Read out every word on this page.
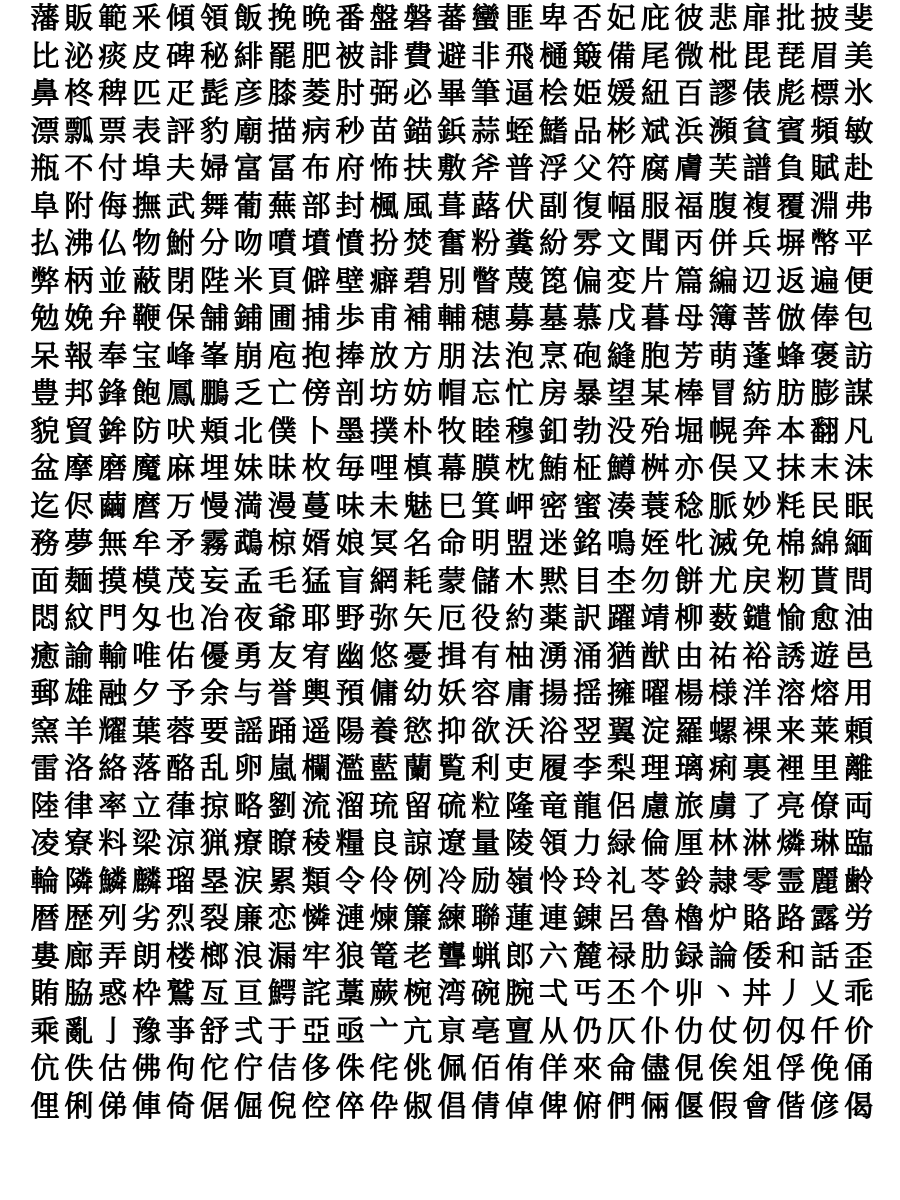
藩 販 範 釆 傾 領 飯 挽 晩 番 盤 磐 蕃 蠻 匪 卑 否 妃 庇 彼 悲 扉 批 披 斐
比 泌 痰 皮 碑 秘 緋 罷 肥 被 誹 費 避 非 飛 樋 簸 備 尾 微 枇 毘 琵 眉 美
鼻 柊 稗 匹 疋 髭 彦 膝 菱 肘 弼 必 畢 筆 逼 桧 姫 媛 紐 百 謬 俵 彪 標 氷
漂 瓢 票 表 評 豹 廟 描 病 秒 苗 錨 鋲 蒜 蛭 鰭 品 彬 斌 浜 瀕 貧 賓 頻 敏
瓶 不 付 埠 夫 婦 富 冨 布 府 怖 扶 敷 斧 普 浮 父 符 腐 膚 芙 譜 負 賦 赴
阜 附 侮 撫 武 舞 葡 蕪 部 封 楓 風 葺 蕗 伏 副 復 幅 服 福 腹 複 覆 淵 弗
払 沸 仏 物 鮒 分 吻 噴 墳 憤 扮 焚 奮 粉 糞 紛 雰 文 聞 丙 併 兵 塀 幣 平
弊 柄 並 蔽 閉 陛 米 頁 僻 壁 癖 碧 別 瞥 蔑 箆 偏 変 片 篇 編 辺 返 遍 便
勉 娩 弁 鞭 保 舗 鋪 圃 捕 歩 甫 補 輔 穂 募 墓 慕 戊 暮 母 簿 菩 倣 俸 包
呆 報 奉 宝 峰 峯 崩 庖 抱 捧 放 方 朋 法 泡 烹 砲 縫 胞 芳 萌 蓬 蜂 褒 訪
豊 邦 鋒 飽 鳳 鵬 乏 亡 傍 剖 坊 妨 帽 忘 忙 房 暴 望 某 棒 冒 紡 肪 膨 謀
貌 貿 鉾 防 吠 頬 北 僕 卜 墨 撲 朴 牧 睦 穆 釦 勃 没 殆 堀 幌 奔 本 翻 凡
盆 摩 磨 魔 麻 埋 妹 昧 枚 毎 哩 槙 幕 膜 枕 鮪 柾 鱒 桝 亦 俣 又 抹 末 沫
迄 侭 繭 麿 万 慢 満 漫 蔓 味 未 魅 巳 箕 岬 密 蜜 湊 蓑 稔 脈 妙 粍 民 眠
務 夢 無 牟 矛 霧 鵡 椋 婿 娘 冥 名 命 明 盟 迷 銘 鳴 姪 牝 滅 免 棉 綿 緬
面 麺 摸 模 茂 妄 孟 毛 猛 盲 網 耗 蒙 儲 木 黙 目 杢 勿 餅 尤 戻 籾 貰 問
悶 紋 門 匁 也 冶 夜 爺 耶 野 弥 矢 厄 役 約 薬 訳 躍 靖 柳 薮 鑓 愉 愈 油
癒 諭 輸 唯 佑 優 勇 友 宥 幽 悠 憂 揖 有 柚 湧 涌 猶 猷 由 祐 裕 誘 遊 邑
郵 雄 融 夕 予 余 与 誉 輿 預 傭 幼 妖 容 庸 揚 揺 擁 曜 楊 様 洋 溶 熔 用
窯 羊 耀 葉 蓉 要 謡 踊 遥 陽 養 慾 抑 欲 沃 浴 翌 翼 淀 羅 螺 裸 来 莱 頼
雷 洛 絡 落 酪 乱 卵 嵐 欄 濫 藍 蘭 覧 利 吏 履 李 梨 理 璃 痢 裏 裡 里 離
陸 律 率 立 葎 掠 略 劉 流 溜 琉 留 硫 粒 隆 竜 龍 侶 慮 旅 虜 了 亮 僚 両
凌 寮 料 梁 涼 猟 療 瞭 稜 糧 良 諒 遼 量 陵 領 力 緑 倫 厘 林 淋 燐 琳 臨
輪 隣 鱗 麟 瑠 塁 涙 累 類 令 伶 例 冷 励 嶺 怜 玲 礼 苓 鈴 隷 零 霊 麗 齢
暦 歴 列 劣 烈 裂 廉 恋 憐 漣 煉 簾 練 聯 蓮 連 錬 呂 魯 櫓 炉 賂 路 露 労
婁 廊 弄 朗 楼 榔 浪 漏 牢 狼 篭 老 聾 蝋 郎 六 麓 禄 肋 録 論 倭 和 話 歪
賄 脇 惑 枠 鷲 亙 亘 鰐 詫 藁 蕨 椀 湾 碗 腕 弌 丐 丕 个 丱 丶 丼 丿 乂 乖
乘 亂 亅 豫 亊 舒 弍 于 亞 亟 亠 亢 亰 亳 亶 从 仍 仄 仆 仂 仗 仞 仭 仟 价
伉 佚 估 佛 佝 佗 佇 佶 侈 侏 侘 佻 佩 佰 侑 佯 來 侖 儘 俔 俟 俎 俘 俛 俑
俚 俐 俤 俥 倚 倨 倔 倪 倥 倅 伜 俶 倡 倩 倬 俾 俯 們 倆 偃 假 會 偕 偐 偈
